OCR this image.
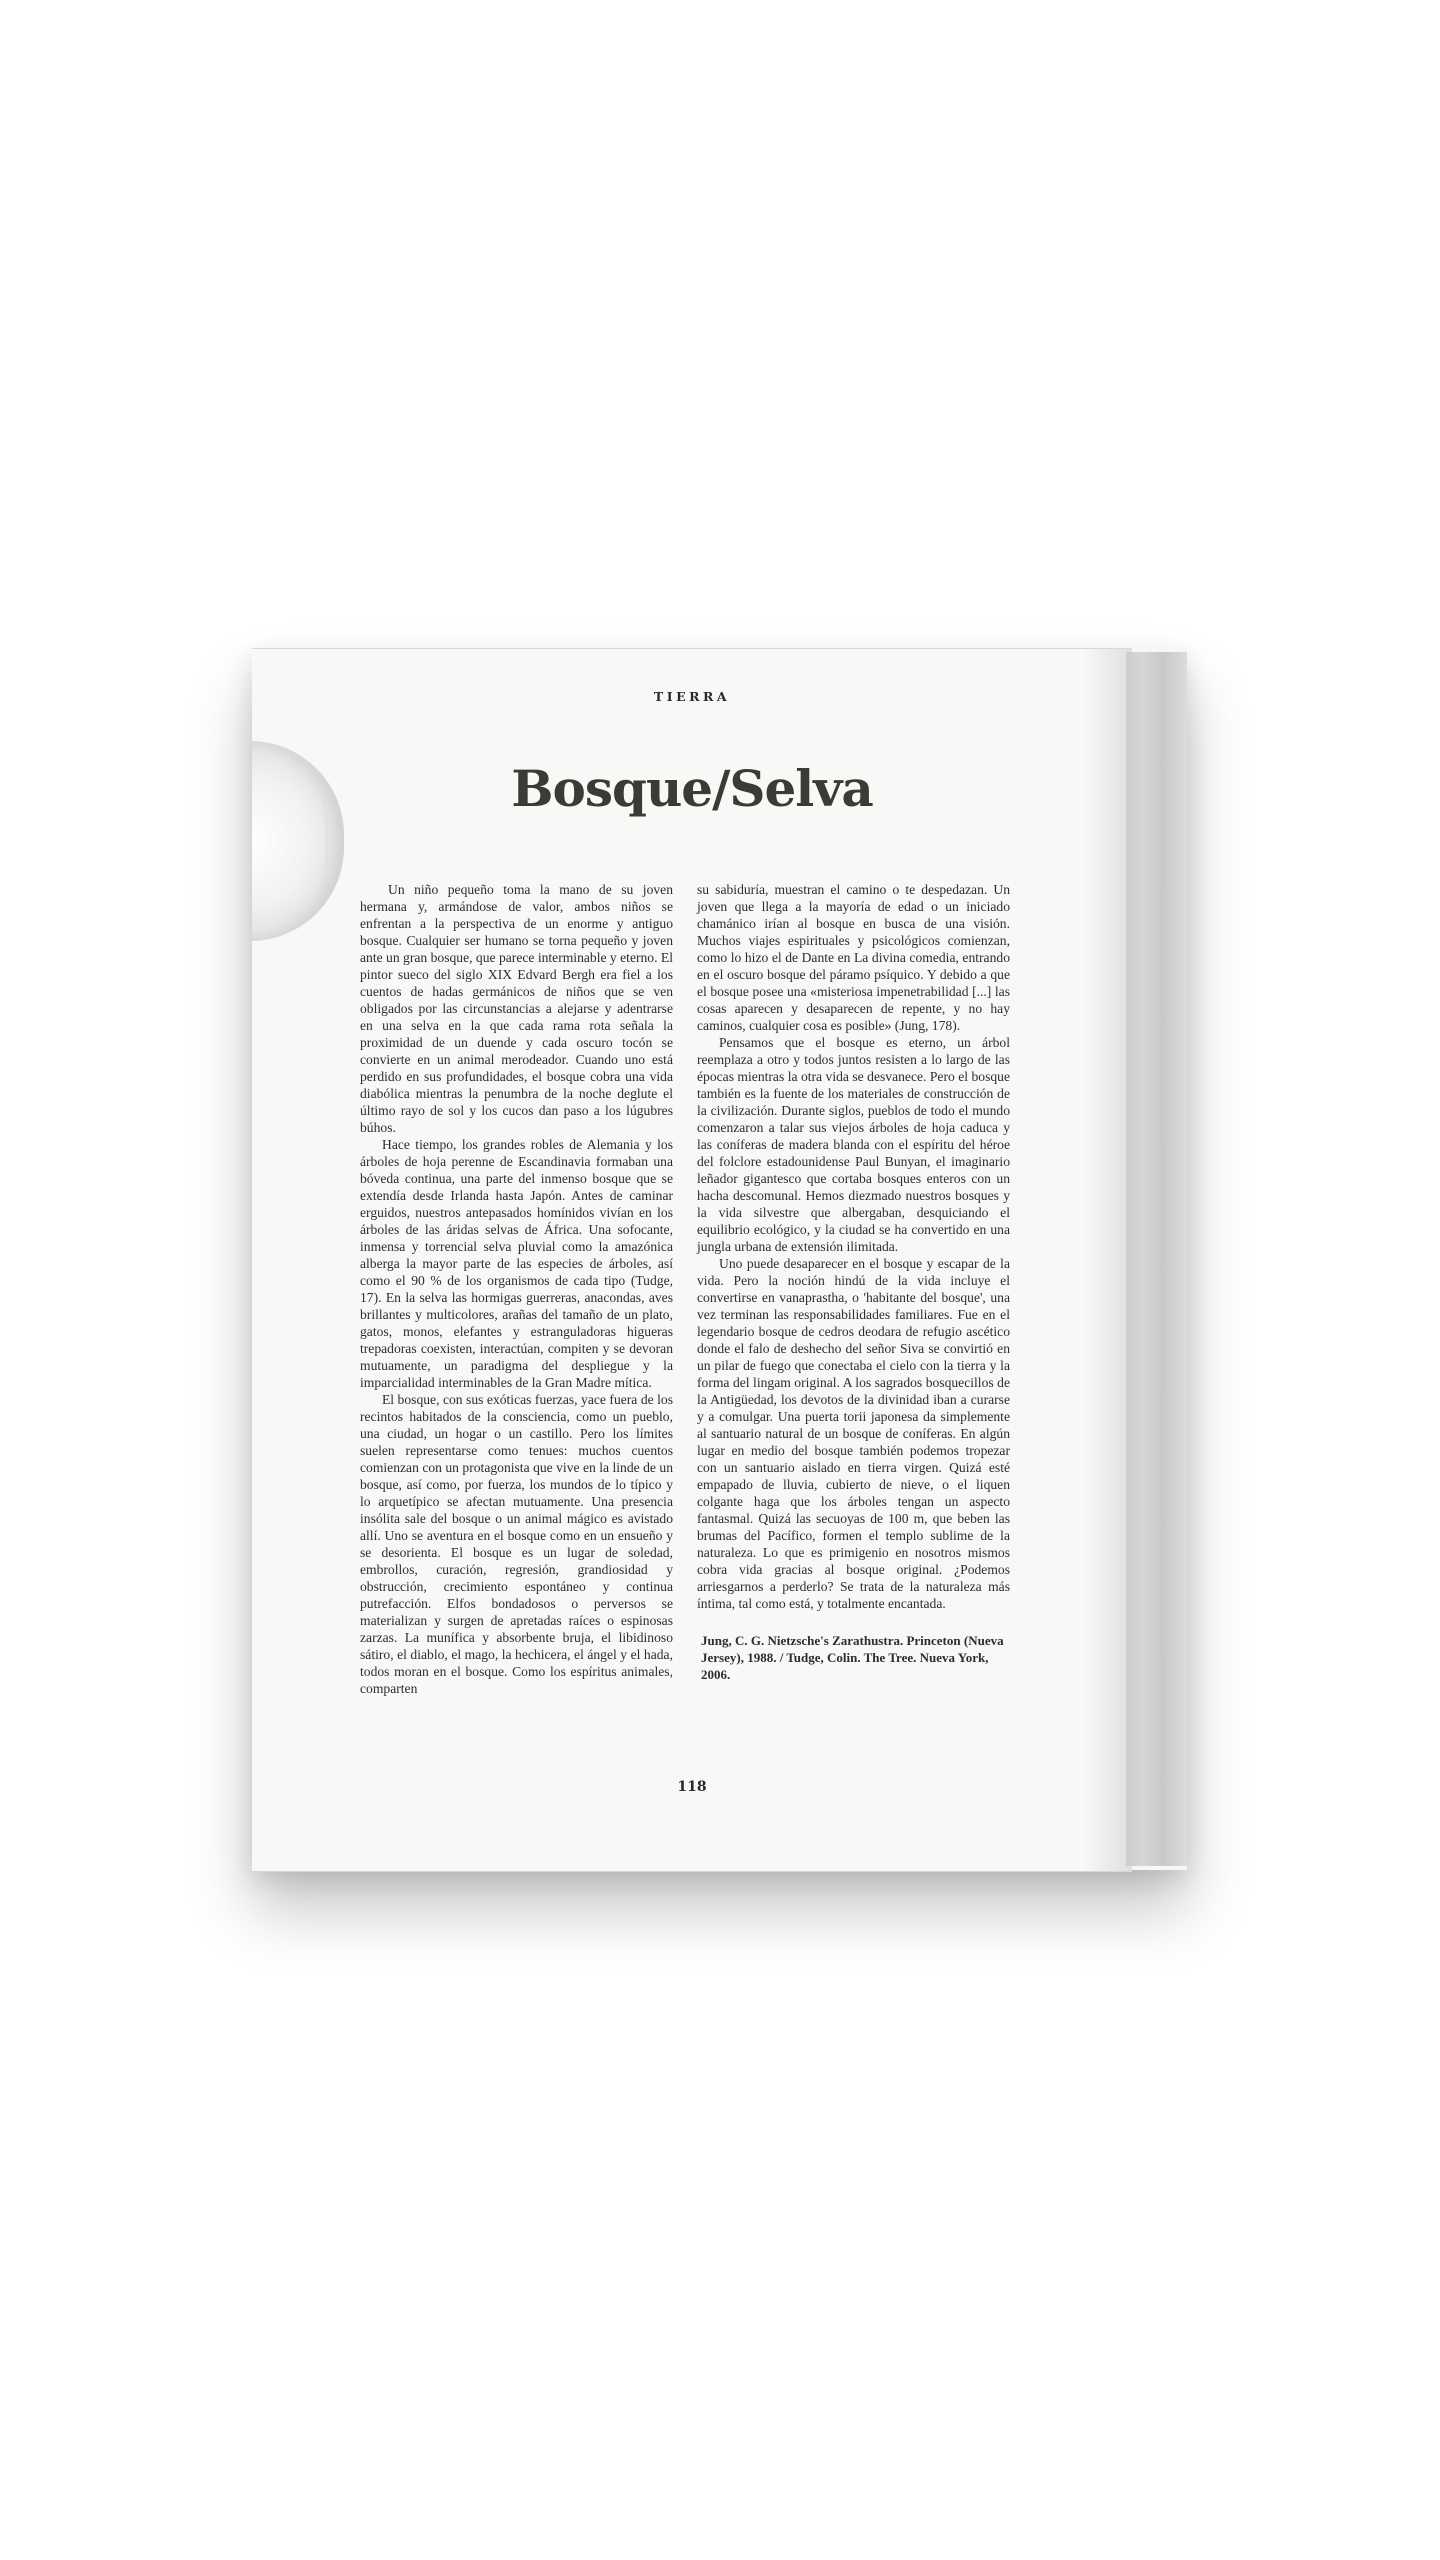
TIERRA
Bosque/Selva

Un niño pequeño toma la mano de su joven hermana y, armándose de valor, ambos niños se enfrentan a la perspectiva de un enorme y antiguo bosque. Cualquier ser humano se torna pequeño y joven ante un gran bosque, que parece interminable y eterno. El pintor sueco del siglo XIX Edvard Bergh era fiel a los cuentos de hadas germánicos de niños que se ven obligados por las circunstancias a alejarse y adentrarse en una selva en la que cada rama rota señala la proximidad de un duende y cada oscuro tocón se convierte en un animal merodeador. Cuando uno está perdido en sus profundidades, el bosque cobra una vida diabólica mientras la penumbra de la noche deglute el último rayo de sol y los cucos dan paso a los lúgubres búhos.

Hace tiempo, los grandes robles de Alemania y los árboles de hoja perenne de Escandinavia formaban una bóveda continua, una parte del inmenso bosque que se extendía desde Irlanda hasta Japón. Antes de caminar erguidos, nuestros antepasados homínidos vivían en los árboles de las áridas selvas de África. Una sofocante, inmensa y torrencial selva pluvial como la amazónica alberga la mayor parte de las especies de árboles, así como el 90 % de los organismos de cada tipo (Tudge, 17). En la selva las hormigas guerreras, anacondas, aves brillantes y multicolores, arañas del tamaño de un plato, gatos, monos, elefantes y estranguladoras higueras trepadoras coexisten, interactúan, compiten y se devoran mutuamente, un paradigma del despliegue y la imparcialidad interminables de la Gran Madre mítica.

El bosque, con sus exóticas fuerzas, yace fuera de los recintos habitados de la consciencia, como un pueblo, una ciudad, un hogar o un castillo. Pero los límites suelen representarse como tenues: muchos cuentos comienzan con un protagonista que vive en la linde de un bosque, así como, por fuerza, los mundos de lo típico y lo arquetípico se afectan mutuamente. Una presencia insólita sale del bosque o un animal mágico es avistado allí. Uno se aventura en el bosque como en un ensueño y se desorienta. El bosque es un lugar de soledad, embrollos, curación, regresión, grandiosidad y obstrucción, crecimiento espontáneo y continua putrefacción. Elfos bondadosos o perversos se materializan y surgen de apretadas raíces o espinosas zarzas. La munífica y absorbente bruja, el libidinoso sátiro, el diablo, el mago, la hechicera, el ángel y el hada, todos moran en el bosque. Como los espíritus animales, comparten

su sabiduría, muestran el camino o te despedazan. Un joven que llega a la mayoría de edad o un iniciado chamánico irían al bosque en busca de una visión. Muchos viajes espirituales y psicológicos comienzan, como lo hizo el de Dante en La divina comedia, entrando en el oscuro bosque del páramo psíquico. Y debido a que el bosque posee una «misteriosa impenetrabilidad [...] las cosas aparecen y desaparecen de repente, y no hay caminos, cualquier cosa es posible» (Jung, 178).

Pensamos que el bosque es eterno, un árbol reemplaza a otro y todos juntos resisten a lo largo de las épocas mientras la otra vida se desvanece. Pero el bosque también es la fuente de los materiales de construcción de la civilización. Durante siglos, pueblos de todo el mundo comenzaron a talar sus viejos árboles de hoja caduca y las coníferas de madera blanda con el espíritu del héroe del folclore estadounidense Paul Bunyan, el imaginario leñador gigantesco que cortaba bosques enteros con un hacha descomunal. Hemos diezmado nuestros bosques y la vida silvestre que albergaban, desquiciando el equilibrio ecológico, y la ciudad se ha convertido en una jungla urbana de extensión ilimitada.

Uno puede desaparecer en el bosque y escapar de la vida. Pero la noción hindú de la vida incluye el convertirse en vanaprastha, o 'habitante del bosque', una vez terminan las responsabilidades familiares. Fue en el legendario bosque de cedros deodara de refugio ascético donde el falo de deshecho del señor Siva se convirtió en un pilar de fuego que conectaba el cielo con la tierra y la forma del lingam original. A los sagrados bosquecillos de la Antigüedad, los devotos de la divinidad iban a curarse y a comulgar. Una puerta torii japonesa da simplemente al santuario natural de un bosque de coníferas. En algún lugar en medio del bosque también podemos tropezar con un santuario aislado en tierra virgen. Quizá esté empapado de lluvia, cubierto de nieve, o el liquen colgante haga que los árboles tengan un aspecto fantasmal. Quizá las secuoyas de 100 m, que beben las brumas del Pacífico, formen el templo sublime de la naturaleza. Lo que es primigenio en nosotros mismos cobra vida gracias al bosque original. ¿Podemos arriesgarnos a perderlo? Se trata de la naturaleza más íntima, tal como está, y totalmente encantada.

Jung, C. G. Nietzsche's Zarathustra. Princeton (Nueva Jersey), 1988. / Tudge, Colin. The Tree. Nueva York, 2006.
118
